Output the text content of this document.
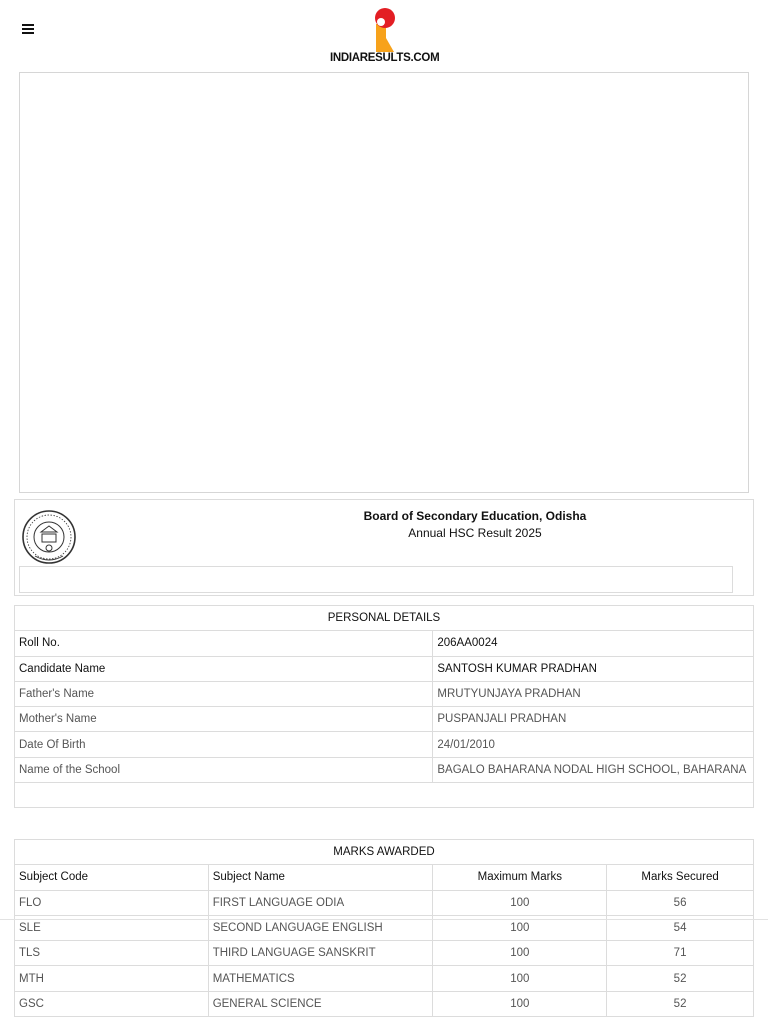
INDIARESULTS.COM
Board of Secondary Education, Odisha
Annual HSC Result 2025
PERSONAL DETAILS	
Roll No.	206AA0024
Candidate Name	SANTOSH KUMAR PRADHAN
Father's Name	MRUTYUNJAYA PRADHAN
Mother's Name	PUSPANJALI PRADHAN
Date Of Birth	24/01/2010
Name of the School	BAGALO BAHARANA NODAL HIGH SCHOOL, BAHARANA

MARKS AWARDED			
Subject Code	Subject Name	Maximum Marks	Marks Secured
FLO	FIRST LANGUAGE ODIA	100	56
SLE	SECOND LANGUAGE ENGLISH	100	54
TLS	THIRD LANGUAGE SANSKRIT	100	71
MTH	MATHEMATICS	100	52
GSC	GENERAL SCIENCE	100	52
